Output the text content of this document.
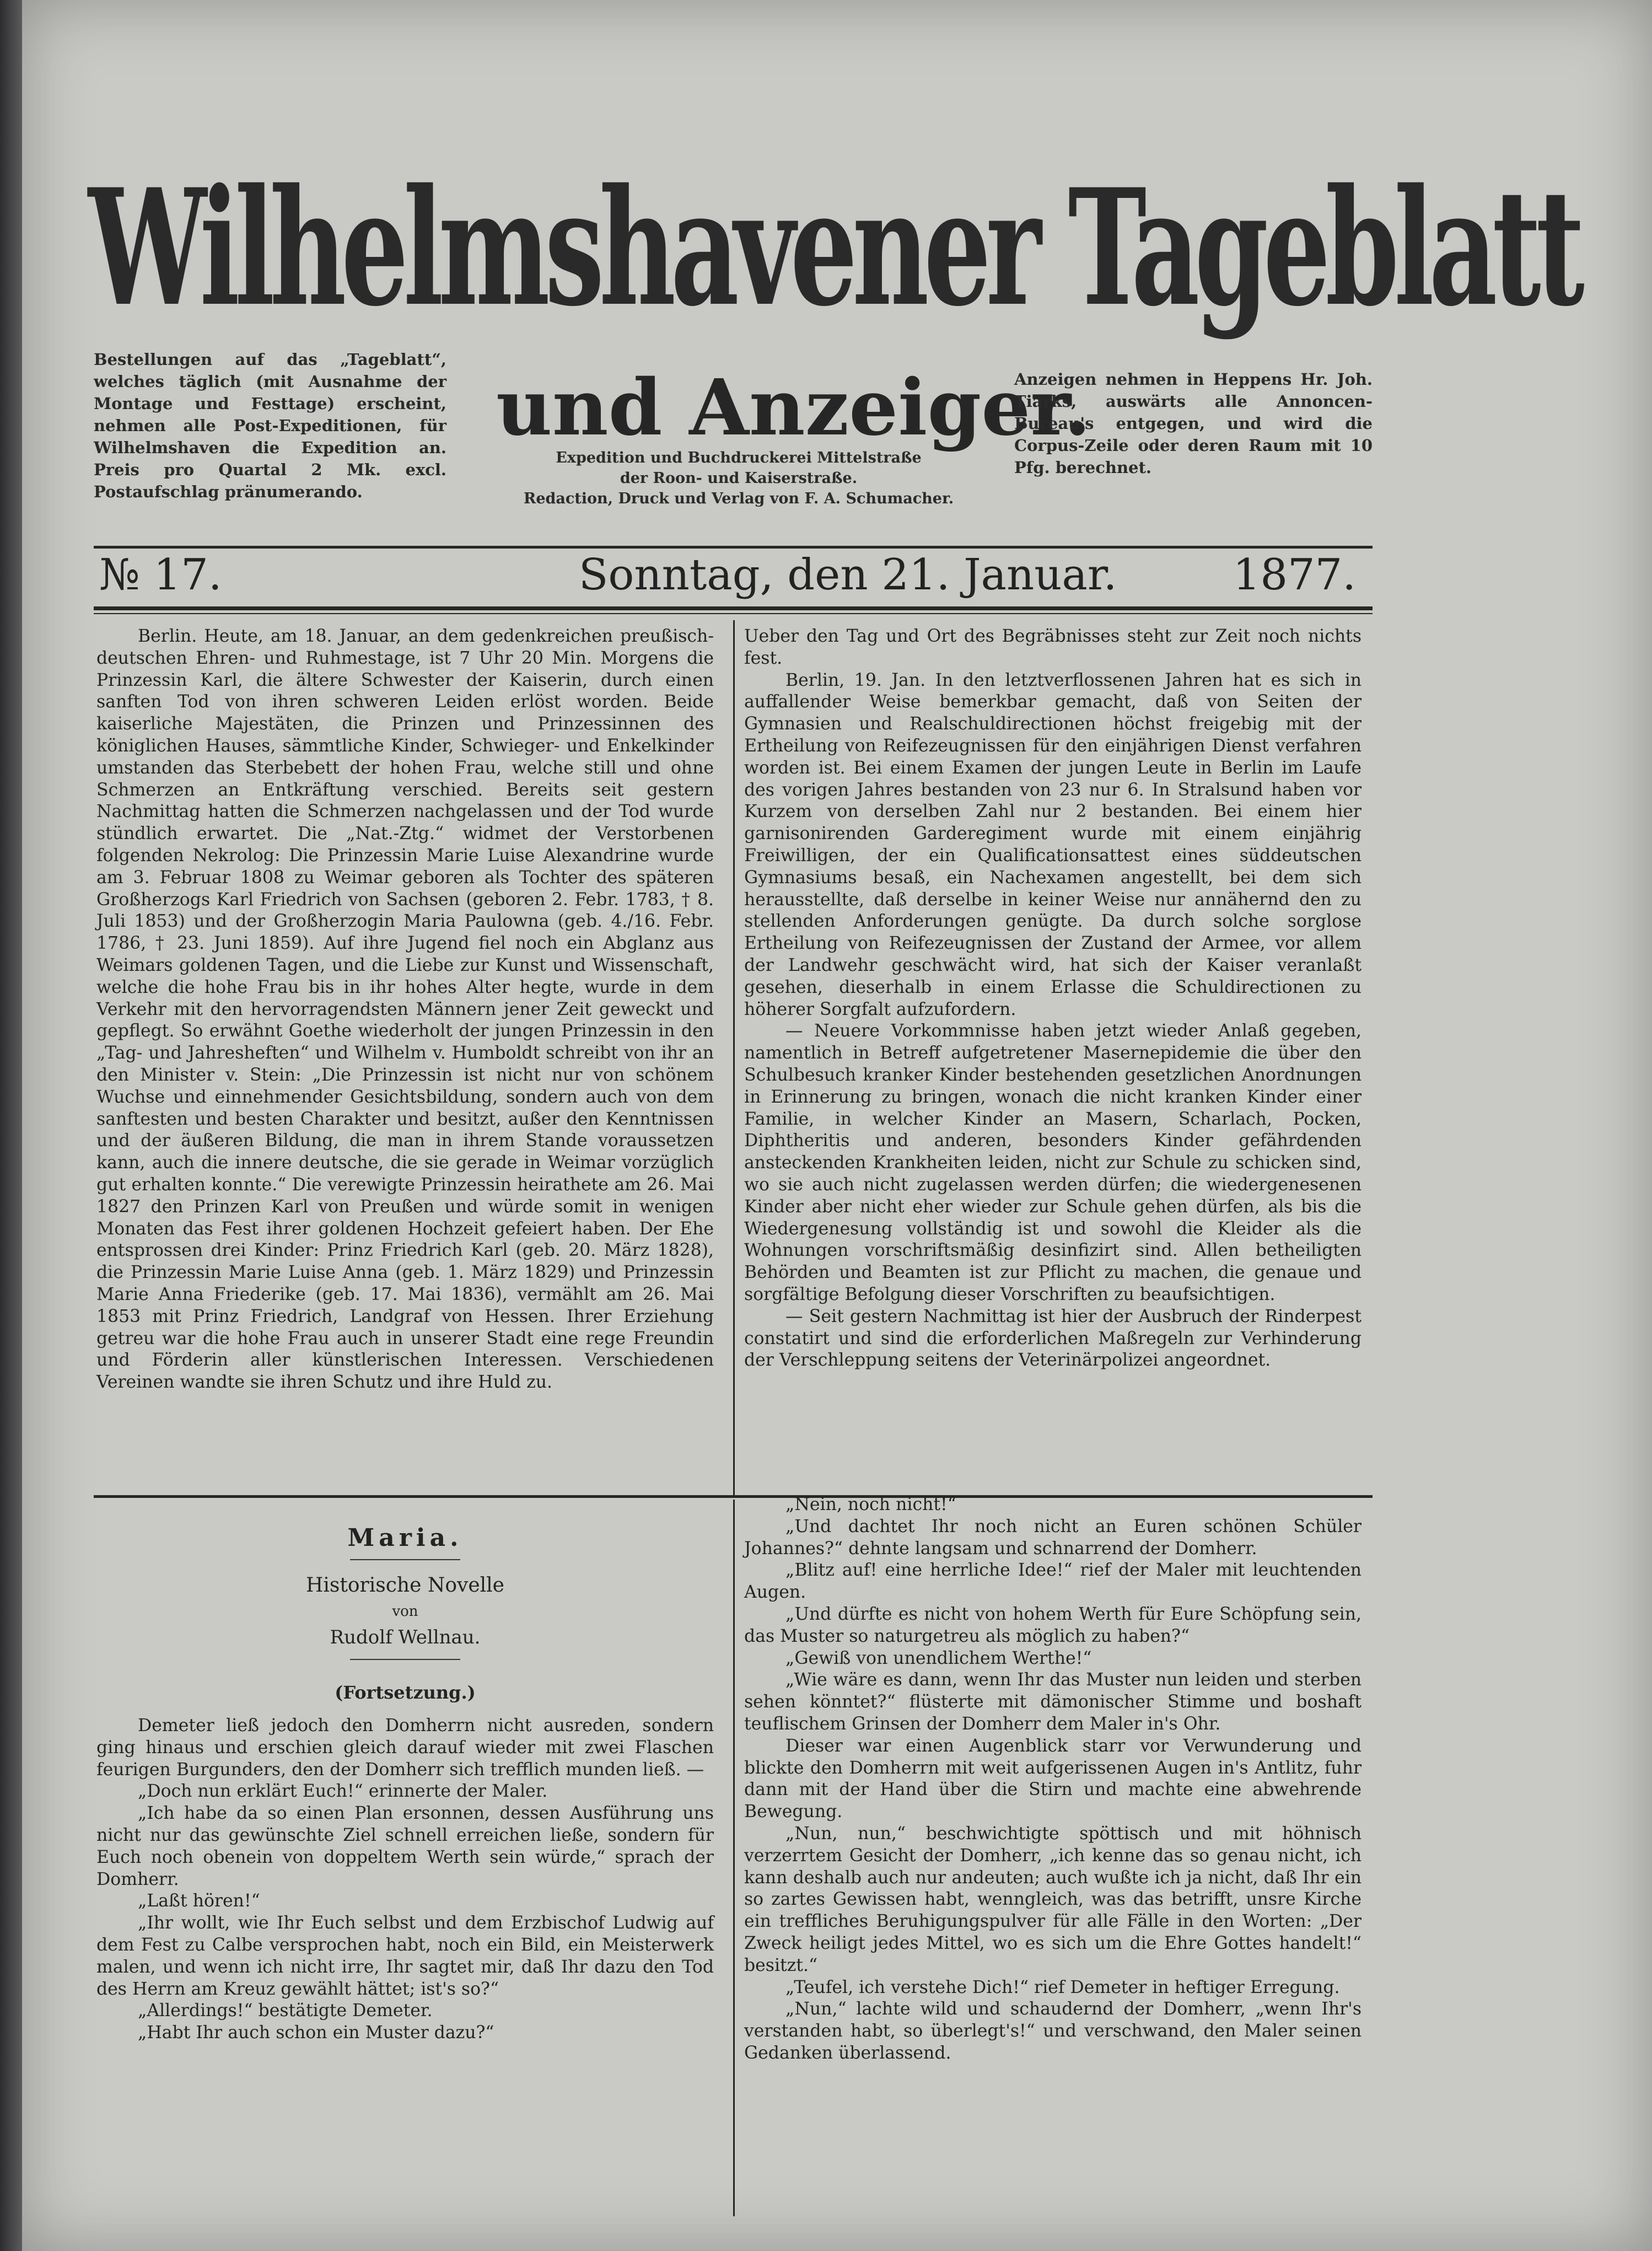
Wilhelmshavener Tageblatt
und Anzeiger.
Bestellungen auf das „Tageblatt“, welches täglich (mit Ausnahme der Montage und Festtage) erscheint, nehmen alle Post-Expeditionen, für Wilhelmshaven die Expedition an. Preis pro Quartal 2 Mk. excl. Postaufschlag pränumerando.
Expedition und Buchdruckerei Mittelstraße
der Roon- und Kaiserstraße.
Redaction, Druck und Verlag von F. A. Schumacher.
Anzeigen nehmen in Heppens Hr. Joh. Tiarks, auswärts alle Annoncen-Bureau's entgegen, und wird die Corpus-Zeile oder deren Raum mit 10 Pfg. berechnet.
№ 17.	Sonntag, den 21. Januar.	1877.

Berlin. Heute, am 18. Januar, an dem gedenkreichen preußisch-deutschen Ehren- und Ruhmestage, ist 7 Uhr 20 Min. Morgens die Prinzessin Karl, die ältere Schwester der Kaiserin, durch einen sanften Tod von ihren schweren Leiden erlöst worden. Beide kaiserliche Majestäten, die Prinzen und Prinzessinnen des königlichen Hauses, sämmtliche Kinder, Schwieger- und Enkelkinder umstanden das Sterbebett der hohen Frau, welche still und ohne Schmerzen an Entkräftung verschied. Bereits seit gestern Nachmittag hatten die Schmerzen nachgelassen und der Tod wurde stündlich erwartet. Die „Nat.-Ztg.“ widmet der Verstorbenen folgenden Nekrolog: Die Prinzessin Marie Luise Alexandrine wurde am 3. Februar 1808 zu Weimar geboren als Tochter des späteren Großherzogs Karl Friedrich von Sachsen (geboren 2. Febr. 1783, † 8. Juli 1853) und der Großherzogin Maria Paulowna (geb. 4./16. Febr. 1786, † 23. Juni 1859). Auf ihre Jugend fiel noch ein Abglanz aus Weimars goldenen Tagen, und die Liebe zur Kunst und Wissenschaft, welche die hohe Frau bis in ihr hohes Alter hegte, wurde in dem Verkehr mit den hervorragendsten Männern jener Zeit geweckt und gepflegt. So erwähnt Goethe wiederholt der jungen Prinzessin in den „Tag- und Jahresheften“ und Wilhelm v. Humboldt schreibt von ihr an den Minister v. Stein: „Die Prinzessin ist nicht nur von schönem Wuchse und einnehmender Gesichtsbildung, sondern auch von dem sanftesten und besten Charakter und besitzt, außer den Kenntnissen und der äußeren Bildung, die man in ihrem Stande voraussetzen kann, auch die innere deutsche, die sie gerade in Weimar vorzüglich gut erhalten konnte.“ Die verewigte Prinzessin heirathete am 26. Mai 1827 den Prinzen Karl von Preußen und würde somit in wenigen Monaten das Fest ihrer goldenen Hochzeit gefeiert haben. Der Ehe entsprossen drei Kinder: Prinz Friedrich Karl (geb. 20. März 1828), die Prinzessin Marie Luise Anna (geb. 1. März 1829) und Prinzessin Marie Anna Friederike (geb. 17. Mai 1836), vermählt am 26. Mai 1853 mit Prinz Friedrich, Landgraf von Hessen. Ihrer Erziehung getreu war die hohe Frau auch in unserer Stadt eine rege Freundin und Förderin aller künstlerischen Interessen. Verschiedenen Vereinen wandte sie ihren Schutz und ihre Huld zu.

Ueber den Tag und Ort des Begräbnisses steht zur Zeit noch nichts fest.

Berlin, 19. Jan. In den letztverflossenen Jahren hat es sich in auffallender Weise bemerkbar gemacht, daß von Seiten der Gymnasien und Realschuldirectionen höchst freigebig mit der Ertheilung von Reifezeugnissen für den einjährigen Dienst verfahren worden ist. Bei einem Examen der jungen Leute in Berlin im Laufe des vorigen Jahres bestanden von 23 nur 6. In Stralsund haben vor Kurzem von derselben Zahl nur 2 bestanden. Bei einem hier garnisonirenden Garderegiment wurde mit einem einjährig Freiwilligen, der ein Qualificationsattest eines süddeutschen Gymnasiums besaß, ein Nachexamen angestellt, bei dem sich herausstellte, daß derselbe in keiner Weise nur annähernd den zu stellenden Anforderungen genügte. Da durch solche sorglose Ertheilung von Reifezeugnissen der Zustand der Armee, vor allem der Landwehr geschwächt wird, hat sich der Kaiser veranlaßt gesehen, dieserhalb in einem Erlasse die Schuldirectionen zu höherer Sorgfalt aufzufordern.

— Neuere Vorkommnisse haben jetzt wieder Anlaß gegeben, namentlich in Betreff aufgetretener Masernepidemie die über den Schulbesuch kranker Kinder bestehenden gesetzlichen Anordnungen in Erinnerung zu bringen, wonach die nicht kranken Kinder einer Familie, in welcher Kinder an Masern, Scharlach, Pocken, Diphtheritis und anderen, besonders Kinder gefährdenden ansteckenden Krankheiten leiden, nicht zur Schule zu schicken sind, wo sie auch nicht zugelassen werden dürfen; die wiedergenesenen Kinder aber nicht eher wieder zur Schule gehen dürfen, als bis die Wiedergenesung vollständig ist und sowohl die Kleider als die Wohnungen vorschriftsmäßig desinfizirt sind. Allen betheiligten Behörden und Beamten ist zur Pflicht zu machen, die genaue und sorgfältige Befolgung dieser Vorschriften zu beaufsichtigen.

— Seit gestern Nachmittag ist hier der Ausbruch der Rinderpest constatirt und sind die erforderlichen Maßregeln zur Verhinderung der Verschleppung seitens der Veterinärpolizei angeordnet.

Maria.
Historische Novelle
von
Rudolf Wellnau.
(Fortsetzung.)

Demeter ließ jedoch den Domherrn nicht ausreden, sondern ging hinaus und erschien gleich darauf wieder mit zwei Flaschen feurigen Burgunders, den der Domherr sich trefflich munden ließ. —

„Doch nun erklärt Euch!“ erinnerte der Maler.

„Ich habe da so einen Plan ersonnen, dessen Ausführung uns nicht nur das gewünschte Ziel schnell erreichen ließe, sondern für Euch noch obenein von doppeltem Werth sein würde,“ sprach der Domherr.

„Laßt hören!“

„Ihr wollt, wie Ihr Euch selbst und dem Erzbischof Ludwig auf dem Fest zu Calbe versprochen habt, noch ein Bild, ein Meisterwerk malen, und wenn ich nicht irre, Ihr sagtet mir, daß Ihr dazu den Tod des Herrn am Kreuz gewählt hättet; ist's so?“

„Allerdings!“ bestätigte Demeter.

„Habt Ihr auch schon ein Muster dazu?“

„Nein, noch nicht!“

„Und dachtet Ihr noch nicht an Euren schönen Schüler Johannes?“ dehnte langsam und schnarrend der Domherr.

„Blitz auf! eine herrliche Idee!“ rief der Maler mit leuchtenden Augen.

„Und dürfte es nicht von hohem Werth für Eure Schöpfung sein, das Muster so naturgetreu als möglich zu haben?“

„Gewiß von unendlichem Werthe!“

„Wie wäre es dann, wenn Ihr das Muster nun leiden und sterben sehen könntet?“ flüsterte mit dämonischer Stimme und boshaft teuflischem Grinsen der Domherr dem Maler in's Ohr.

Dieser war einen Augenblick starr vor Verwunderung und blickte den Domherrn mit weit aufgerissenen Augen in's Antlitz, fuhr dann mit der Hand über die Stirn und machte eine abwehrende Bewegung.

„Nun, nun,“ beschwichtigte spöttisch und mit höhnisch verzerrtem Gesicht der Domherr, „ich kenne das so genau nicht, ich kann deshalb auch nur andeuten; auch wußte ich ja nicht, daß Ihr ein so zartes Gewissen habt, wenngleich, was das betrifft, unsre Kirche ein treffliches Beruhigungspulver für alle Fälle in den Worten: „Der Zweck heiligt jedes Mittel, wo es sich um die Ehre Gottes handelt!“ besitzt.“

„Teufel, ich verstehe Dich!“ rief Demeter in heftiger Erregung.

„Nun,“ lachte wild und schaudernd der Domherr, „wenn Ihr's verstanden habt, so überlegt's!“ und verschwand, den Maler seinen Gedanken überlassend.
